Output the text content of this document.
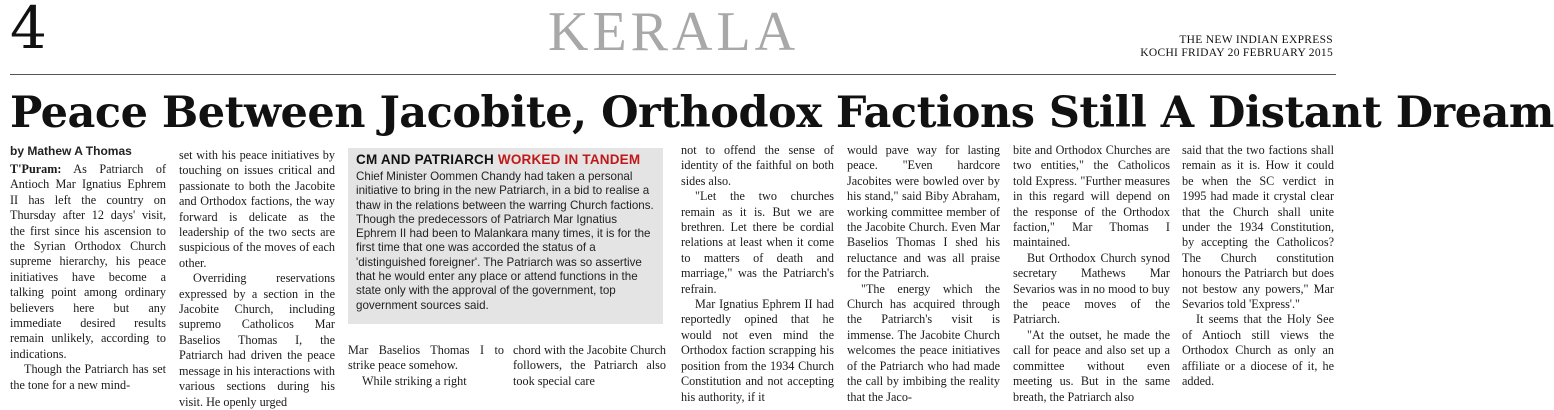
4	KERALA	THE NEW INDIAN EXPRESS
KOCHI FRIDAY 20 FEBRUARY 2015
Peace Between Jacobite, Orthodox Factions Still A Distant Dream
by Mathew A Thomas

T'Puram: As Patriarch of Antioch Mar Ignatius Ephrem II has left the country on Thursday after 12 days' visit, the first since his ascension to the Syrian Orthodox Church supreme hierarchy, his peace initiatives have become a talking point among ordinary believers here but any immediate desired results remain unlikely, according to indications.

Though the Patriarch has set the tone for a new mind-

set with his peace initiatives by touching on issues critical and passionate to both the Jacobite and Orthodox factions, the way forward is delicate as the leadership of the two sects are suspicious of the moves of each other.

Overriding reservations expressed by a section in the Jacobite Church, including supremo Catholicos Mar Baselios Thomas I, the Patriarch had driven the peace message in his interactions with various sections during his visit. He openly urged

CM AND PATRIARCH WORKED IN TANDEM
Chief Minister Oommen Chandy had taken a personal initiative to bring in the new Patriarch, in a bid to realise a thaw in the relations between the warring Church factions. Though the predecessors of Patriarch Mar Ignatius Ephrem II had been to Malankara many times, it is for the first time that one was accorded the status of a 'distinguished foreigner'. The Patriarch was so assertive that he would enter any place or attend functions in the state only with the approval of the government, top government sources said.

Mar Baselios Thomas I to strike peace somehow.

While striking a right

chord with the Jacobite Church followers, the Patriarch also took special care

not to offend the sense of identity of the faithful on both sides also.

"Let the two churches remain as it is. But we are brethren. Let there be cordial relations at least when it come to matters of death and marriage," was the Patriarch's refrain.

Mar Ignatius Ephrem II had reportedly opined that he would not even mind the Orthodox faction scrapping his position from the 1934 Church Constitution and not accepting his authority, if it

would pave way for lasting peace. "Even hardcore Jacobites were bowled over by his stand," said Biby Abraham, working committee member of the Jacobite Church. Even Mar Baselios Thomas I shed his reluctance and was all praise for the Patriarch.

"The energy which the Church has acquired through the Patriarch's visit is immense. The Jacobite Church welcomes the peace initiatives of the Patriarch who had made the call by imbibing the reality that the Jaco-

bite and Orthodox Churches are two entities," the Catholicos told Express. "Further measures in this regard will depend on the response of the Orthodox faction," Mar Thomas I maintained.

But Orthodox Church synod secretary Mathews Mar Sevarios was in no mood to buy the peace moves of the Patriarch.

"At the outset, he made the call for peace and also set up a committee without even meeting us. But in the same breath, the Patriarch also

said that the two factions shall remain as it is. How it could be when the SC verdict in 1995 had made it crystal clear that the Church shall unite under the 1934 Constitution, by accepting the Catholicos? The Church constitution honours the Patriarch but does not bestow any powers," Mar Sevarios told 'Express'."

It seems that the Holy See of Antioch still views the Orthodox Church as only an affiliate or a diocese of it, he added.
